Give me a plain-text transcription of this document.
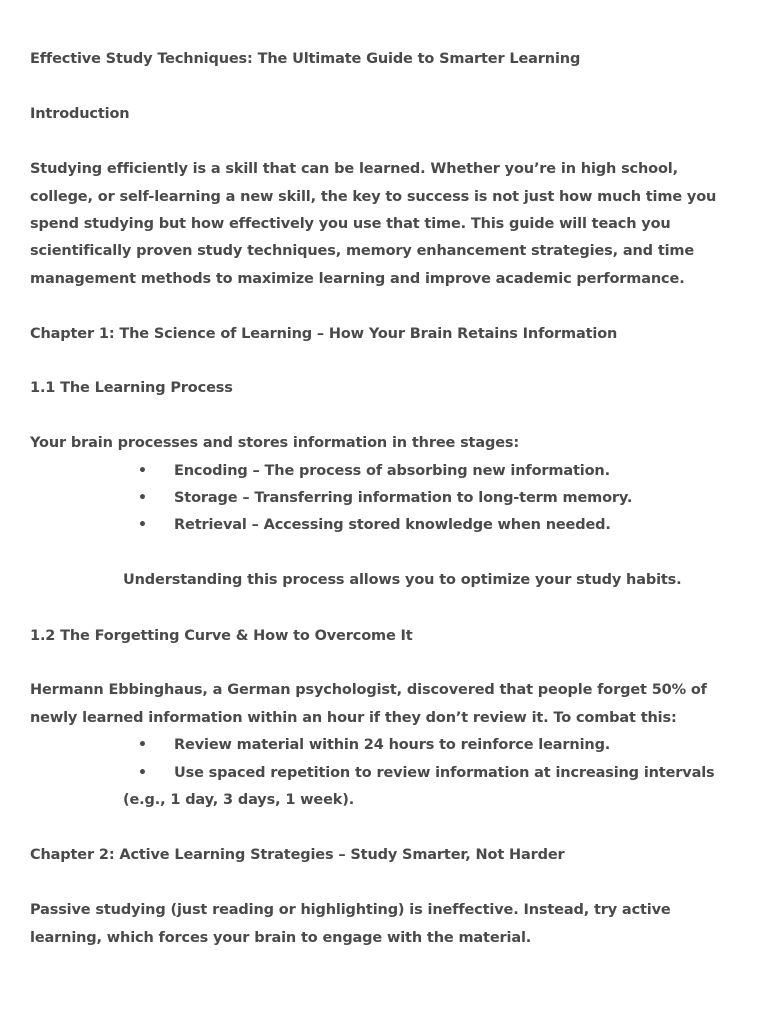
Effective Study Techniques: The Ultimate Guide to Smarter Learning

Introduction

Studying efficiently is a skill that can be learned. Whether you’re in high school,

college, or self-learning a new skill, the key to success is not just how much time you

spend studying but how effectively you use that time. This guide will teach you

scientifically proven study techniques, memory enhancement strategies, and time

management methods to maximize learning and improve academic performance.

Chapter 1: The Science of Learning – How Your Brain Retains Information

1.1 The Learning Process

Your brain processes and stores information in three stages:

• Encoding – The process of absorbing new information.

• Storage – Transferring information to long-term memory.

• Retrieval – Accessing stored knowledge when needed.

Understanding this process allows you to optimize your study habits.

1.2 The Forgetting Curve & How to Overcome It

Hermann Ebbinghaus, a German psychologist, discovered that people forget 50% of

newly learned information within an hour if they don’t review it. To combat this:

• Review material within 24 hours to reinforce learning.

• Use spaced repetition to review information at increasing intervals

(e.g., 1 day, 3 days, 1 week).

Chapter 2: Active Learning Strategies – Study Smarter, Not Harder

Passive studying (just reading or highlighting) is ineffective. Instead, try active

learning, which forces your brain to engage with the material.
